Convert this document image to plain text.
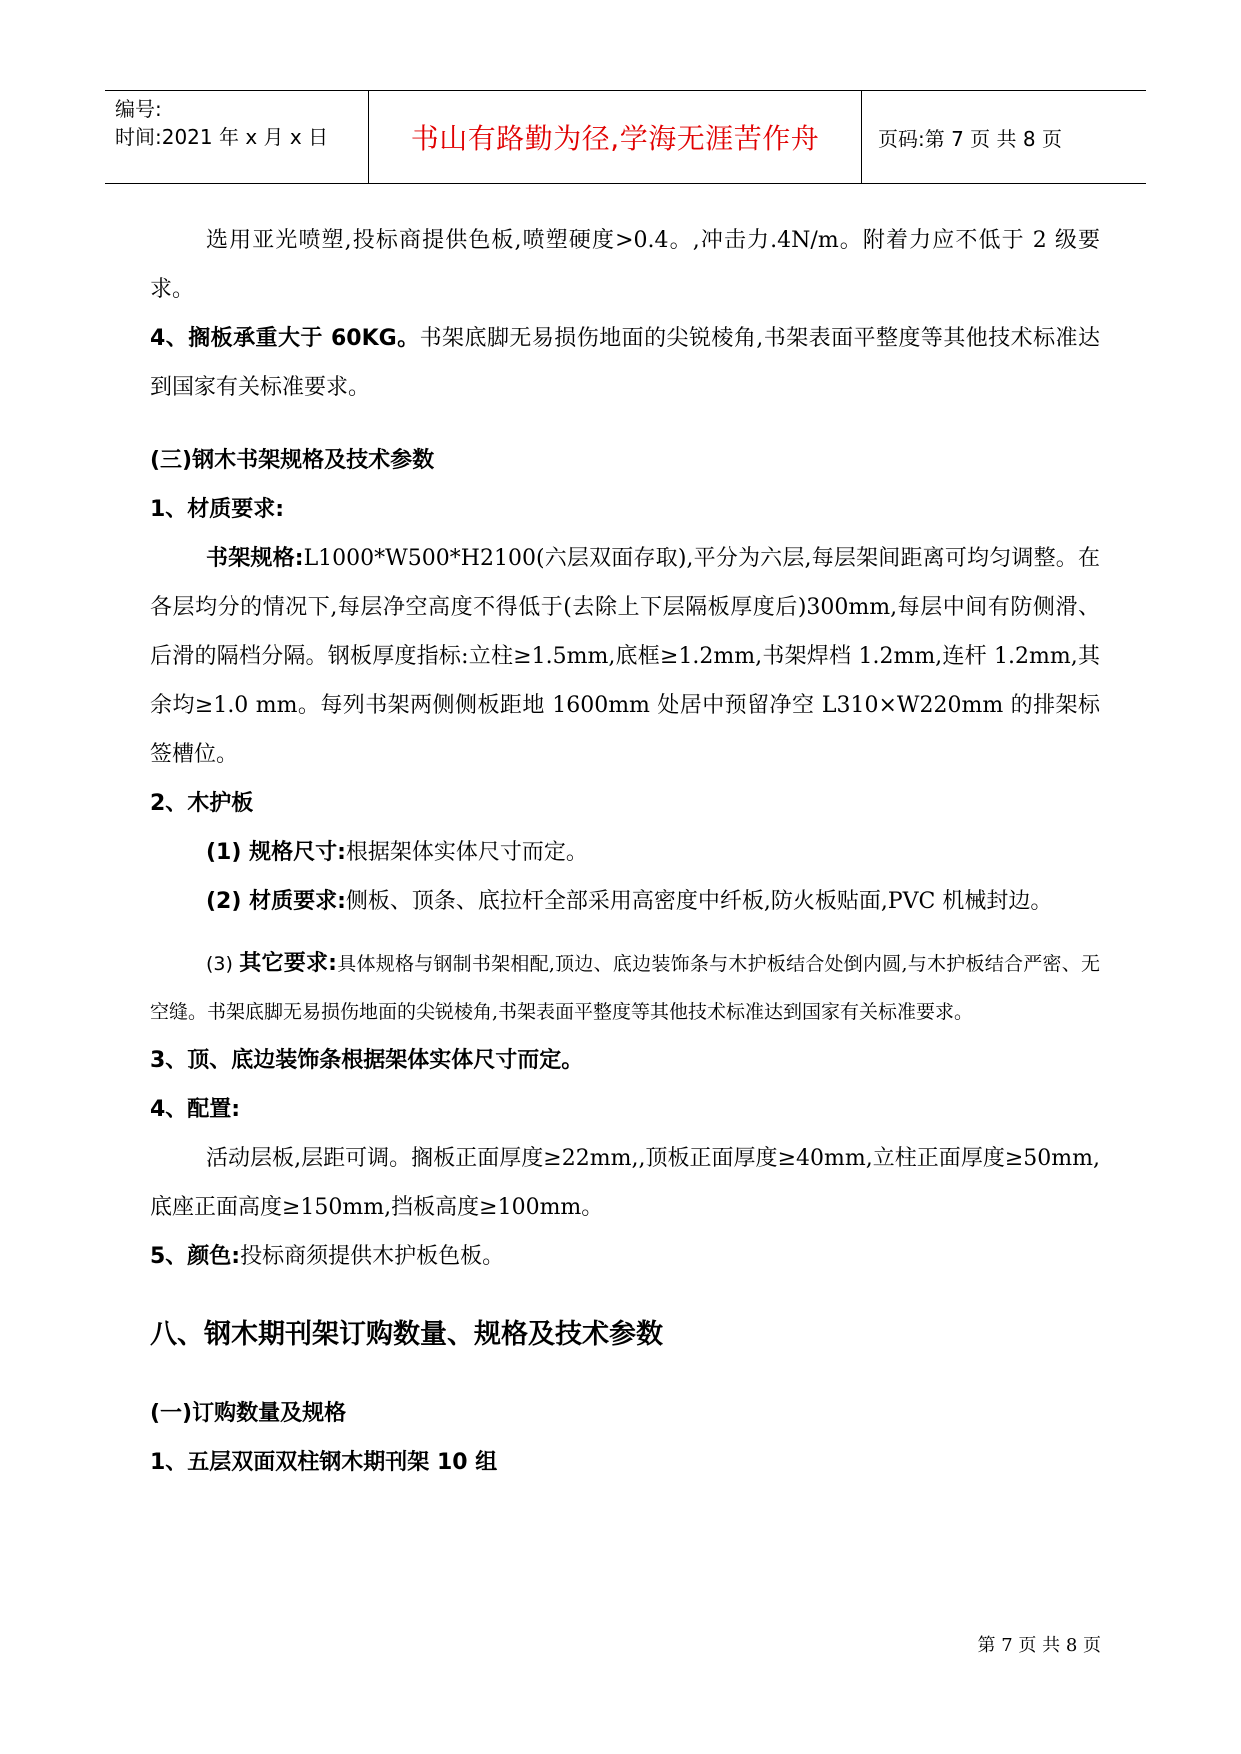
编号:
时间:2021 年 x 月 x 日	书山有路勤为径,学海无涯苦作舟	页码:第 7 页 共 8 页

选用亚光喷塑,投标商提供色板,喷塑硬度>0.4。,冲击力.4N/m。附着力应不低于 2 级要求。

4、搁板承重大于 60KG。书架底脚无易损伤地面的尖锐棱角,书架表面平整度等其他技术标准达到国家有关标准要求。

(三)钢木书架规格及技术参数

1、材质要求:

书架规格:L1000*W500*H2100(六层双面存取),平分为六层,每层架间距离可均匀调整。在各层均分的情况下,每层净空高度不得低于(去除上下层隔板厚度后)300mm,每层中间有防侧滑、后滑的隔档分隔。钢板厚度指标:立柱≥1.5mm,底框≥1.2mm,书架焊档 1.2mm,连杆 1.2mm,其余均≥1.0 mm。每列书架两侧侧板距地 1600mm 处居中预留净空 L310×W220mm 的排架标签槽位。

2、木护板

(1) 规格尺寸:根据架体实体尺寸而定。

(2) 材质要求:侧板、顶条、底拉杆全部采用高密度中纤板,防火板贴面,PVC 机械封边。

(3) 其它要求:具体规格与钢制书架相配,顶边、底边装饰条与木护板结合处倒内圆,与木护板结合严密、无空缝。书架底脚无易损伤地面的尖锐棱角,书架表面平整度等其他技术标准达到国家有关标准要求。

3、顶、底边装饰条根据架体实体尺寸而定。

4、配置:

活动层板,层距可调。搁板正面厚度≥22mm,,顶板正面厚度≥40mm,立柱正面厚度≥50mm,底座正面高度≥150mm,挡板高度≥100mm。

5、颜色:投标商须提供木护板色板。

八、钢木期刊架订购数量、规格及技术参数

(一)订购数量及规格

1、五层双面双柱钢木期刊架 10 组

第 7 页 共 8 页
